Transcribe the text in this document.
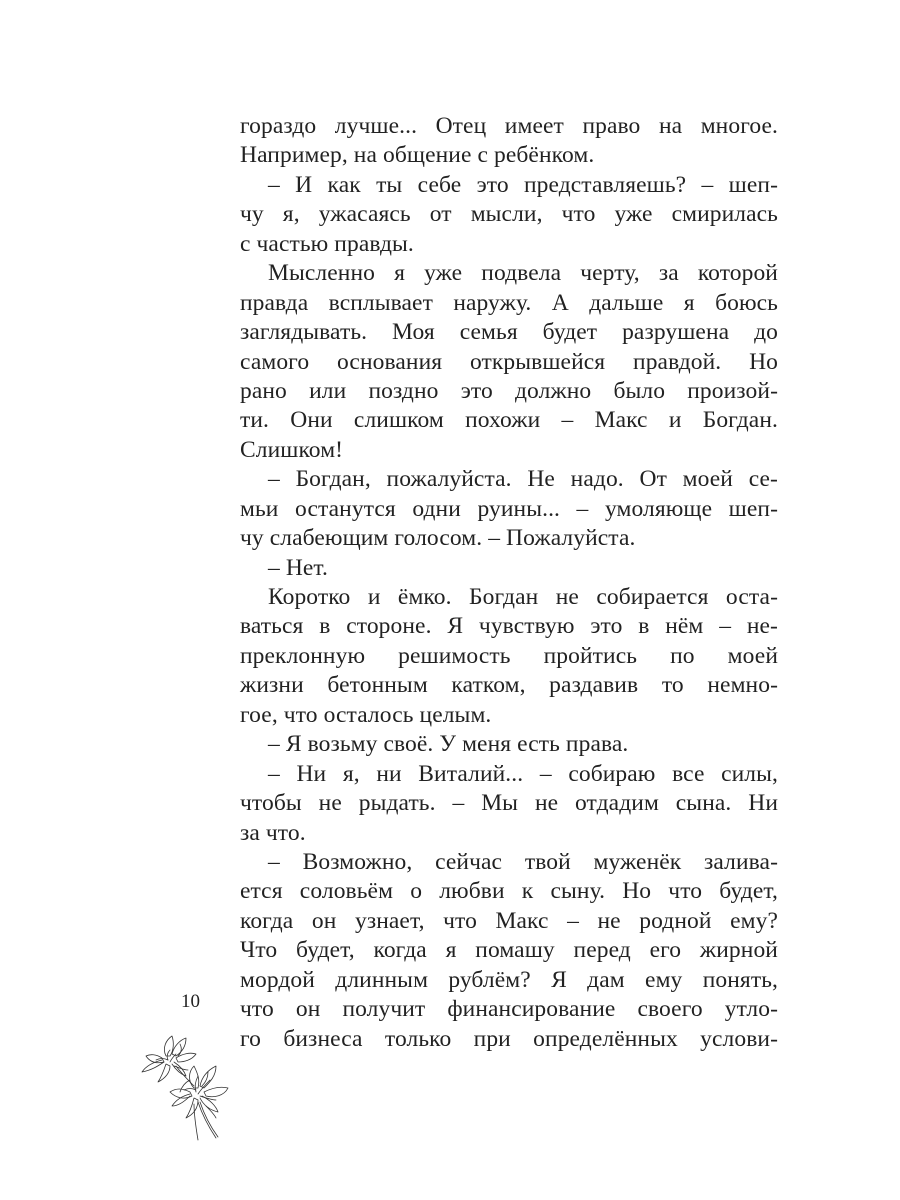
гораздо лучше... Отец имеет право на многое.
Например, на общение с ребёнком.
– И как ты себе это представляешь? – шеп-
чу я, ужасаясь от мысли, что уже смирилась
с частью правды.
Мысленно я уже подвела черту, за которой
правда всплывает наружу. А дальше я боюсь
заглядывать. Моя семья будет разрушена до
самого основания открывшейся правдой. Но
рано или поздно это должно было произой-
ти. Они слишком похожи – Макс и Богдан.
Слишком!
– Богдан, пожалуйста. Не надо. От моей се-
мьи останутся одни руины... – умоляюще шеп-
чу слабеющим голосом. – Пожалуйста.
– Нет.
Коротко и ёмко. Богдан не собирается оста-
ваться в стороне. Я чувствую это в нём – не-
преклонную решимость пройтись по моей
жизни бетонным катком, раздавив то немно-
гое, что осталось целым.
– Я возьму своё. У меня есть права.
– Ни я, ни Виталий... – собираю все силы,
чтобы не рыдать. – Мы не отдадим сына. Ни
за что.
– Возможно, сейчас твой муженёк залива-
ется соловьём о любви к сыну. Но что будет,
когда он узнает, что Макс – не родной ему?
Что будет, когда я помашу перед его жирной
мордой длинным рублём? Я дам ему понять,
что он получит финансирование своего утло-
го бизнеса только при определённых услови-
10
